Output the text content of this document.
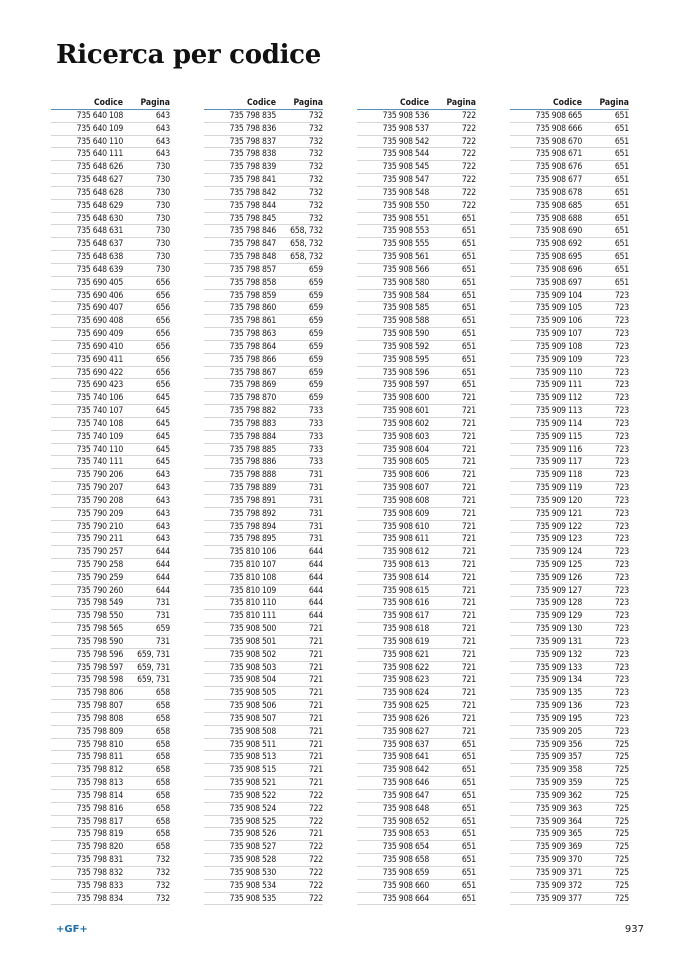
Ricerca per codice
Codice	Pagina
735 640 108	643
735 640 109	643
735 640 110	643
735 640 111	643
735 648 626	730
735 648 627	730
735 648 628	730
735 648 629	730
735 648 630	730
735 648 631	730
735 648 637	730
735 648 638	730
735 648 639	730
735 690 405	656
735 690 406	656
735 690 407	656
735 690 408	656
735 690 409	656
735 690 410	656
735 690 411	656
735 690 422	656
735 690 423	656
735 740 106	645
735 740 107	645
735 740 108	645
735 740 109	645
735 740 110	645
735 740 111	645
735 790 206	643
735 790 207	643
735 790 208	643
735 790 209	643
735 790 210	643
735 790 211	643
735 790 257	644
735 790 258	644
735 790 259	644
735 790 260	644
735 798 549	731
735 798 550	731
735 798 565	659
735 798 590	731
735 798 596	659, 731
735 798 597	659, 731
735 798 598	659, 731
735 798 806	658
735 798 807	658
735 798 808	658
735 798 809	658
735 798 810	658
735 798 811	658
735 798 812	658
735 798 813	658
735 798 814	658
735 798 816	658
735 798 817	658
735 798 819	658
735 798 820	658
735 798 831	732
735 798 832	732
735 798 833	732
735 798 834	732
Codice	Pagina
735 798 835	732
735 798 836	732
735 798 837	732
735 798 838	732
735 798 839	732
735 798 841	732
735 798 842	732
735 798 844	732
735 798 845	732
735 798 846	658, 732
735 798 847	658, 732
735 798 848	658, 732
735 798 857	659
735 798 858	659
735 798 859	659
735 798 860	659
735 798 861	659
735 798 863	659
735 798 864	659
735 798 866	659
735 798 867	659
735 798 869	659
735 798 870	659
735 798 882	733
735 798 883	733
735 798 884	733
735 798 885	733
735 798 886	733
735 798 888	731
735 798 889	731
735 798 891	731
735 798 892	731
735 798 894	731
735 798 895	731
735 810 106	644
735 810 107	644
735 810 108	644
735 810 109	644
735 810 110	644
735 810 111	644
735 908 500	721
735 908 501	721
735 908 502	721
735 908 503	721
735 908 504	721
735 908 505	721
735 908 506	721
735 908 507	721
735 908 508	721
735 908 511	721
735 908 513	721
735 908 515	721
735 908 521	721
735 908 522	722
735 908 524	722
735 908 525	722
735 908 526	721
735 908 527	722
735 908 528	722
735 908 530	722
735 908 534	722
735 908 535	722
Codice	Pagina
735 908 536	722
735 908 537	722
735 908 542	722
735 908 544	722
735 908 545	722
735 908 547	722
735 908 548	722
735 908 550	722
735 908 551	651
735 908 553	651
735 908 555	651
735 908 561	651
735 908 566	651
735 908 580	651
735 908 584	651
735 908 585	651
735 908 588	651
735 908 590	651
735 908 592	651
735 908 595	651
735 908 596	651
735 908 597	651
735 908 600	721
735 908 601	721
735 908 602	721
735 908 603	721
735 908 604	721
735 908 605	721
735 908 606	721
735 908 607	721
735 908 608	721
735 908 609	721
735 908 610	721
735 908 611	721
735 908 612	721
735 908 613	721
735 908 614	721
735 908 615	721
735 908 616	721
735 908 617	721
735 908 618	721
735 908 619	721
735 908 621	721
735 908 622	721
735 908 623	721
735 908 624	721
735 908 625	721
735 908 626	721
735 908 627	721
735 908 637	651
735 908 641	651
735 908 642	651
735 908 646	651
735 908 647	651
735 908 648	651
735 908 652	651
735 908 653	651
735 908 654	651
735 908 658	651
735 908 659	651
735 908 660	651
735 908 664	651
Codice	Pagina
735 908 665	651
735 908 666	651
735 908 670	651
735 908 671	651
735 908 676	651
735 908 677	651
735 908 678	651
735 908 685	651
735 908 688	651
735 908 690	651
735 908 692	651
735 908 695	651
735 908 696	651
735 908 697	651
735 909 104	723
735 909 105	723
735 909 106	723
735 909 107	723
735 909 108	723
735 909 109	723
735 909 110	723
735 909 111	723
735 909 112	723
735 909 113	723
735 909 114	723
735 909 115	723
735 909 116	723
735 909 117	723
735 909 118	723
735 909 119	723
735 909 120	723
735 909 121	723
735 909 122	723
735 909 123	723
735 909 124	723
735 909 125	723
735 909 126	723
735 909 127	723
735 909 128	723
735 909 129	723
735 909 130	723
735 909 131	723
735 909 132	723
735 909 133	723
735 909 134	723
735 909 135	723
735 909 136	723
735 909 195	723
735 909 205	723
735 909 356	725
735 909 357	725
735 909 358	725
735 909 359	725
735 909 362	725
735 909 363	725
735 909 364	725
735 909 365	725
735 909 369	725
735 909 370	725
735 909 371	725
735 909 372	725
735 909 377	725
+GF+	937
